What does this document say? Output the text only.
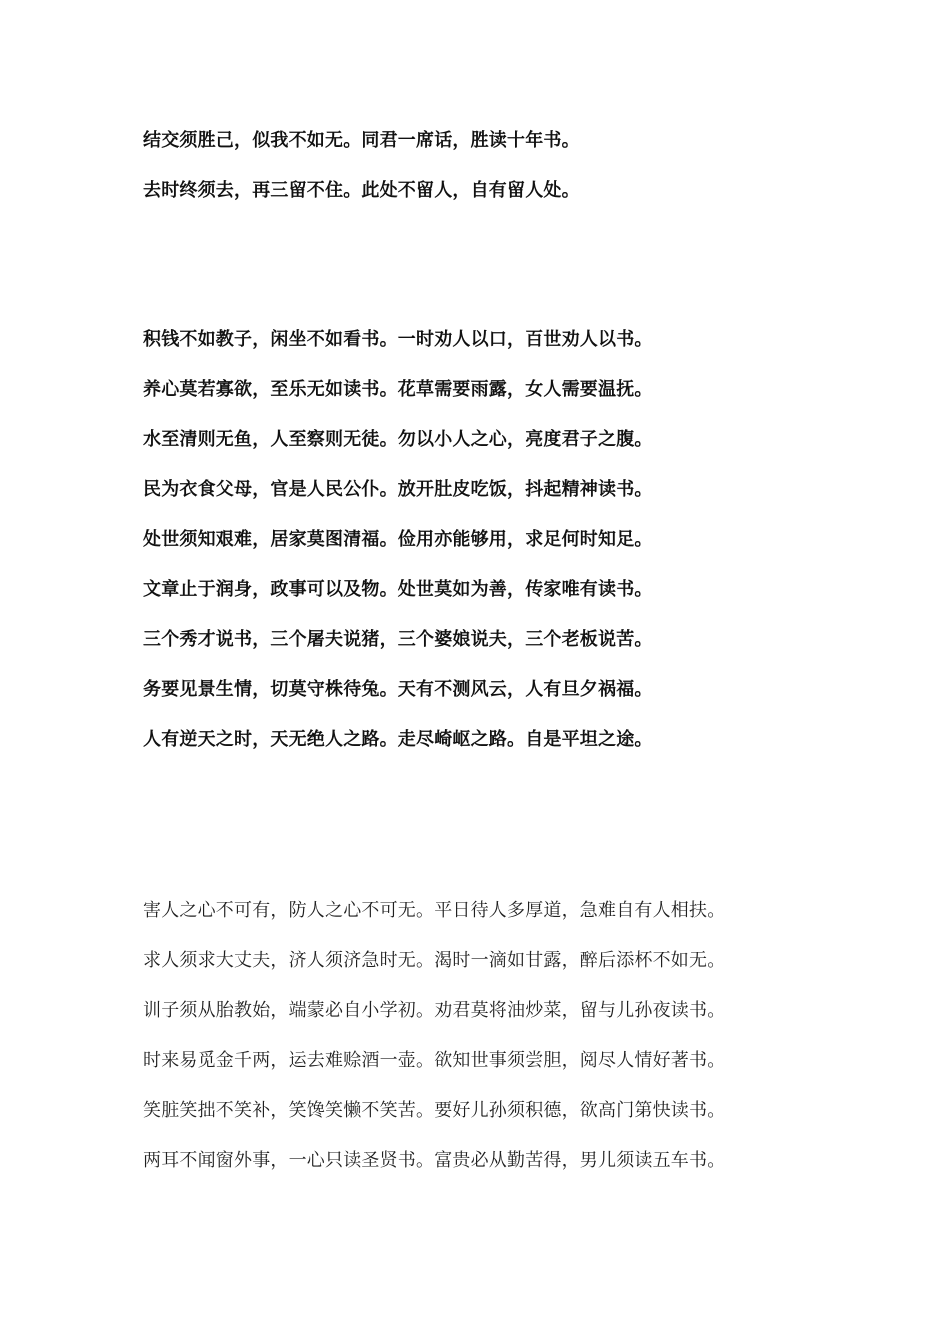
结交须胜己，似我不如无。同君一席话，胜读十年书。
去时终须去，再三留不住。此处不留人，自有留人处。
积钱不如教子，闲坐不如看书。一时劝人以口，百世劝人以书。
养心莫若寡欲，至乐无如读书。花草需要雨露，女人需要温抚。
水至清则无鱼，人至察则无徒。勿以小人之心，亮度君子之腹。
民为衣食父母，官是人民公仆。放开肚皮吃饭，抖起精神读书。
处世须知艰难，居家莫图清福。俭用亦能够用，求足何时知足。
文章止于润身，政事可以及物。处世莫如为善，传家唯有读书。
三个秀才说书，三个屠夫说猪，三个婆娘说夫，三个老板说苦。
务要见景生情，切莫守株待兔。天有不测风云，人有旦夕祸福。
人有逆天之时，天无绝人之路。走尽崎岖之路。自是平坦之途。
害人之心不可有，防人之心不可无。平日待人多厚道，急难自有人相扶。
求人须求大丈夫，济人须济急时无。渴时一滴如甘露，醉后添杯不如无。
训子须从胎教始，端蒙必自小学初。劝君莫将油炒菜，留与儿孙夜读书。
时来易觅金千两，运去难赊酒一壶。欲知世事须尝胆，阅尽人情好著书。
笑脏笑拙不笑补，笑馋笑懒不笑苦。要好儿孙须积德，欲高门第快读书。
两耳不闻窗外事，一心只读圣贤书。富贵必从勤苦得，男儿须读五车书。
